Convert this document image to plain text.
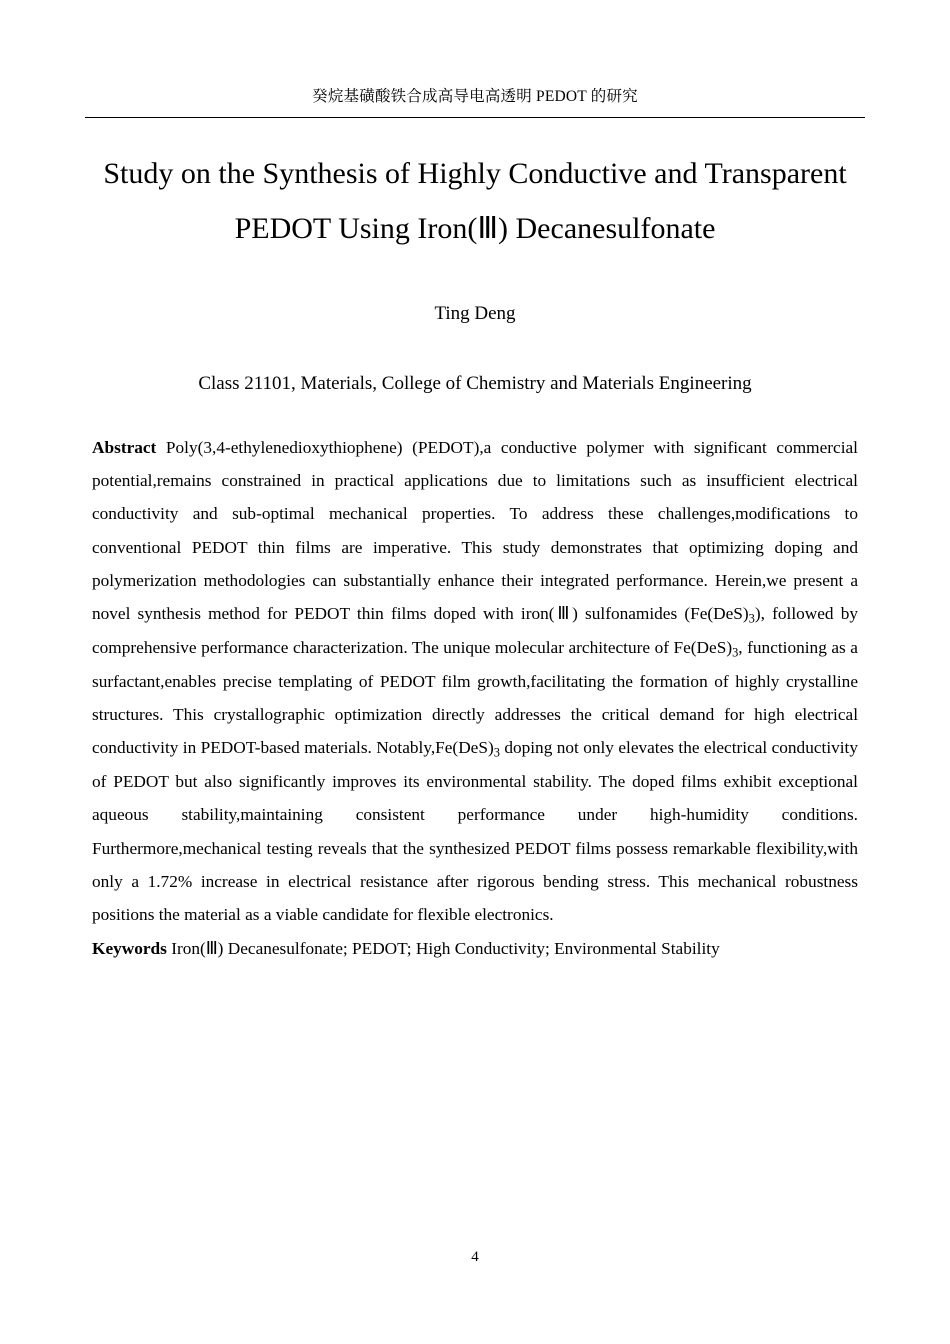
癸烷基磺酸铁合成高导电高透明 PEDOT 的研究
Study on the Synthesis of Highly Conductive and Transparent PEDOT Using Iron(Ⅲ) Decanesulfonate
Ting Deng
Class 21101, Materials, College of Chemistry and Materials Engineering

Abstract Poly(3,4-ethylenedioxythiophene) (PEDOT),a conductive polymer with significant commercial potential,remains constrained in practical applications due to limitations such as insufficient electrical conductivity and sub-optimal mechanical properties. To address these challenges,modifications to conventional PEDOT thin films are imperative. This study demonstrates that optimizing doping and polymerization methodologies can substantially enhance their integrated performance. Herein,we present a novel synthesis method for PEDOT thin films doped with iron(Ⅲ) sulfonamides $(Fe(DeS)_3)$, followed by comprehensive performance characterization. The unique molecular architecture of $Fe(DeS)_3$, functioning as a surfactant,enables precise templating of PEDOT film growth,facilitating the formation of highly crystalline structures. This crystallographic optimization directly addresses the critical demand for high electrical conductivity in PEDOT-based materials. $Notably,Fe(DeS)_3$ doping not only elevates the electrical conductivity of PEDOT but also significantly improves its environmental stability. The doped films exhibit exceptional aqueous stability,maintaining consistent performance under high-humidity conditions. Furthermore,mechanical testing reveals that the synthesized PEDOT films possess remarkable flexibility,with only a 1.72% increase in electrical resistance after rigorous bending stress. This mechanical robustness positions the material as a viable candidate for flexible electronics.

Keywords Iron(Ⅲ) Decanesulfonate; PEDOT; High Conductivity; Environmental Stability

4
